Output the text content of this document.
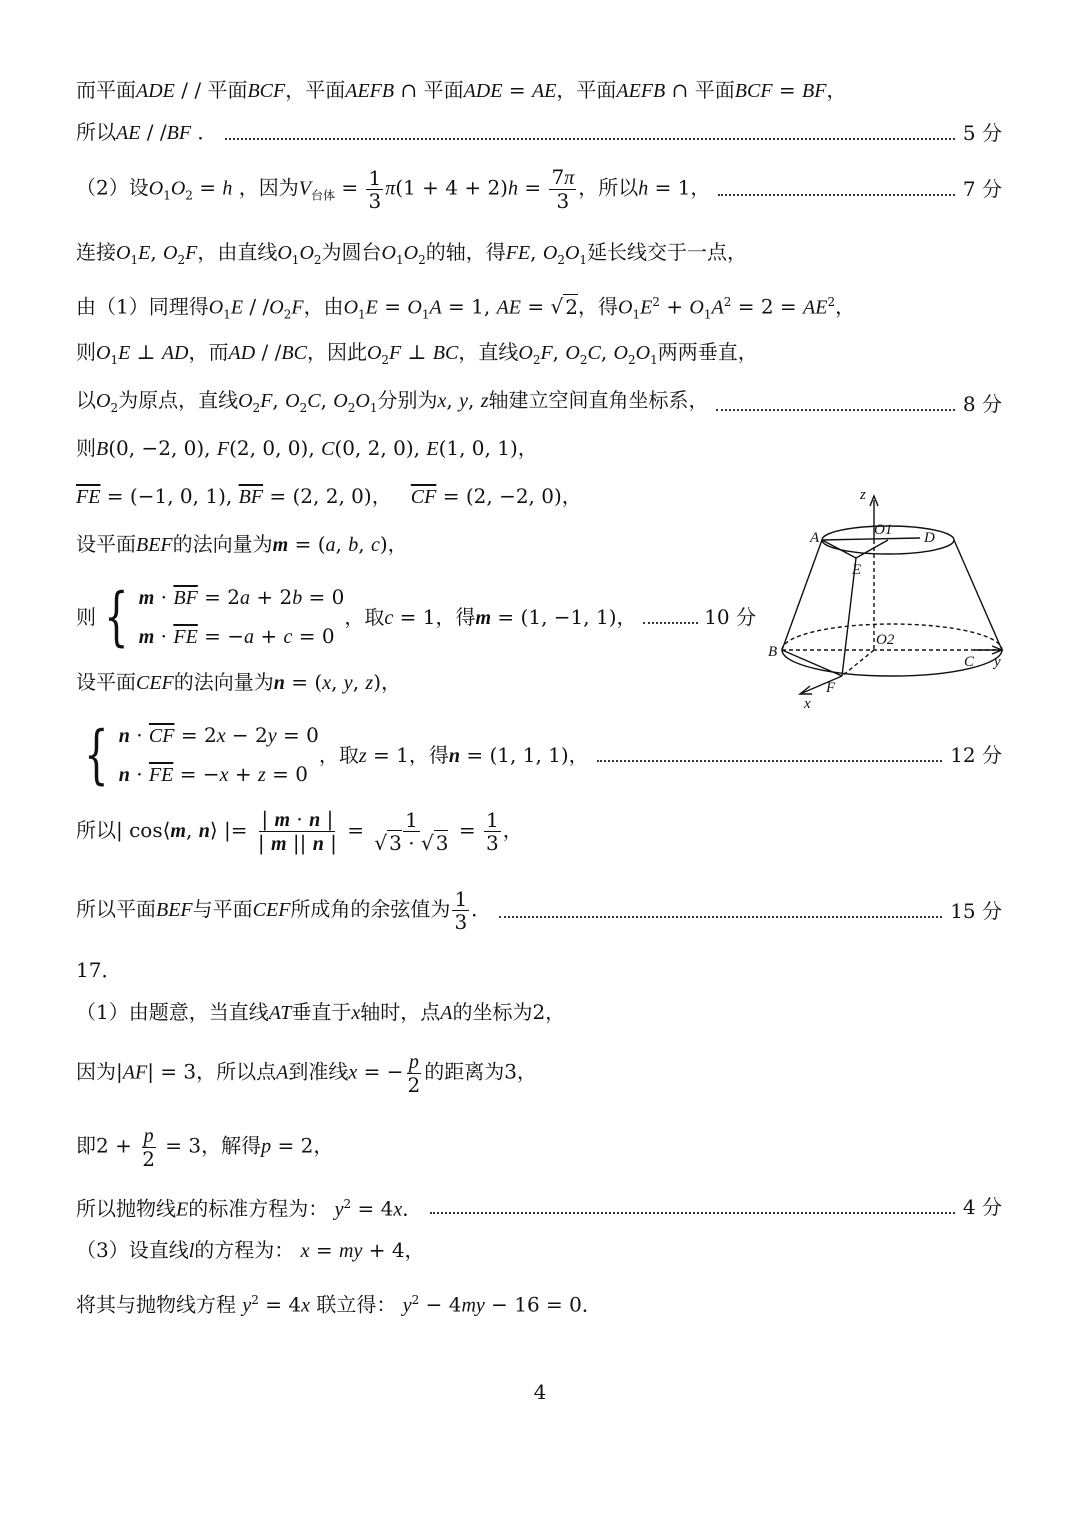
而平面ADE / / 平面BCF，平面AEFB ∩ 平面ADE = AE，平面AEFB ∩ 平面BCF = BF，
所以AE / /BF ．	5 分
（2）设$O_1O_2 = h$ ，因为$V_{台体} = \frac{1}{3} \pi(1 + 4 + 2)h = \frac{7\pi}{3}$ ，所以h = 1，	7 分
连接$O_1E$, $O_2F$，由直线$O_1O_2$为圆台$O_1O_2$的轴，得FE, $O_2O_1$延长线交于一点，
由（1）同理得$O_1E / /O_2F$，由$O_1E = O_1A = 1$, AE = √ 2，得$O_1E^2 + O_1A^2 = 2 = AE^2$，
则$O_1E$ ⊥ AD，而AD / /BC，因此$O_2F$ ⊥ BC，直线$O_2F$, $O_2C$, $O_2O_1$两两垂直，
以$O_2$为原点，直线$O_2F$, $O_2C$, $O_2O_1$分别为x, y, z轴建立空间直角坐标系，	8 分
则B(0, −2, 0), F(2, 0, 0), C(0, 2, 0), E(1, 0, 1)，
$\overline{FE} = (-1$, 0, 1), $\overline{BF} = (2$, 2, 0)，   $\overline{CF} = (2$, −2, 0)，
设平面BEF的法向量为m = (a, b, c)，
则 { $m \cdot \overline{BF} = 2a + 2b = 0$
$m \cdot \overline{FE} = -a + c = 0$
，取c = 1，得m = (1, −1, 1)，	10 分
设平面CEF的法向量为n = (x, y, z)，
{ $n \cdot \overline{CF} = 2x - 2y = 0$
$n \cdot \overline{FE} = -x + z = 0$
，取z = 1，得n = (1, 1, 1)，	12 分
所以| cos⟨m, n⟩ |= $\frac{| m \cdot n |}{| m || n |} = \frac{1}{√ 3 \cdot √ 3} = \frac{1}{3}$ ，
所以平面BEF与平面CEF所成角的余弦值为 $\frac{1}{3}$ ．	15 分
17．
（1）由题意，当直线AT垂直于x轴时，点A的坐标为2，
因为|AF| = 3，所以点A到准线x = − $\frac{p}{2}$ 的距离为3，
即$2 + \frac{p}{2} = 3$，解得p = 2，
所以抛物线E的标准方程为： $y^2 = 4x$．	4 分
（3）设直线l的方程为： x = my + 4，
将其与抛物线方程 $y^2 = 4x$ 联立得： $y^2 - 4my - 16 = 0$．
z
A	O1 D
E
O2
B
C y
F
x
4
